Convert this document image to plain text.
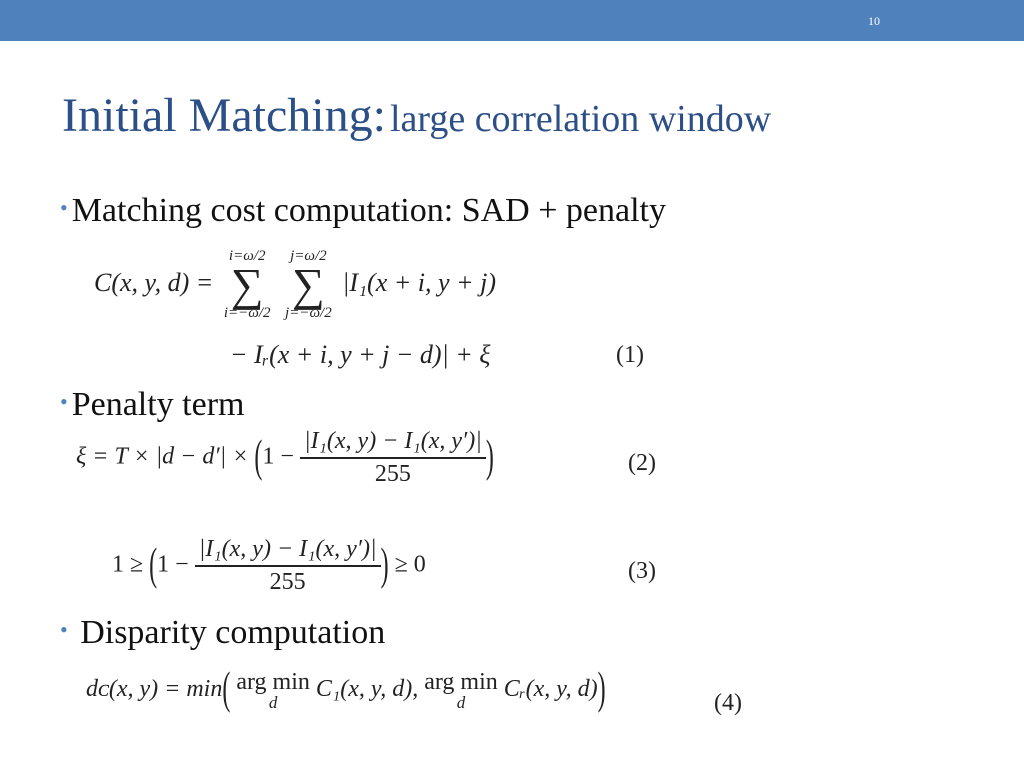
10
Initial Matching: large correlation window
• Matching cost computation: SAD + penalty
C(x, y, d) =
i=ω/2
∑
i=−ω/2

j=ω/2
∑
j=−ω/2
|I₁(x + i, y + j)
− Iᵣ(x + i, y + j − d)| + ξ	(1)
• Penalty term
$\xi = T \times |d - d'| \times (1 - \frac{\text{|I₁(x, y) − I₁(x, y′)|}}{255}$ )	(2)
$1 \ge (1 - \frac{\text{|I₁(x, y) − I₁(x, y′)|}}{255}$ ) ≥ 0	(3)
• Disparity computation
dᴄ(x, y) = min( arg min
d
C₁(x, y, d), arg min
d
Cᵣ(x, y, d))	(4)
